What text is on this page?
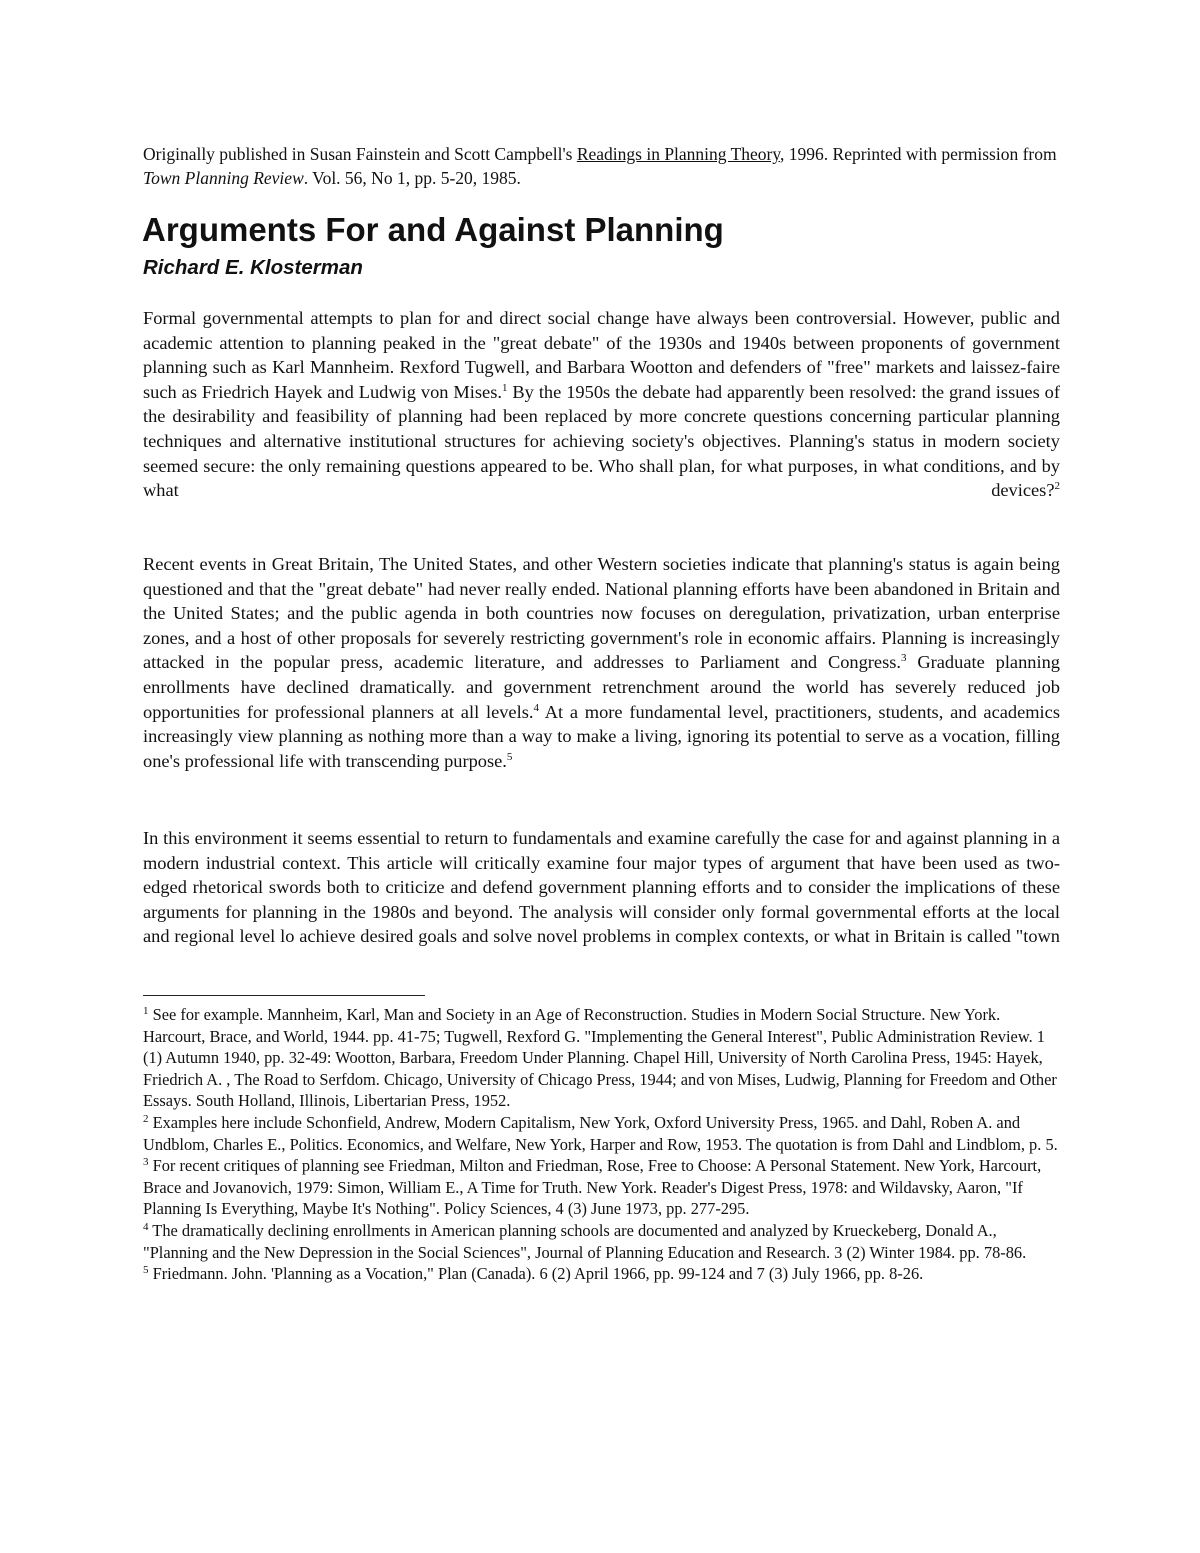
Originally published in Susan Fainstein and Scott Campbell's Readings in Planning Theory, 1996. Reprinted with permission from Town Planning Review. Vol. 56, No 1, pp. 5-20, 1985.
Arguments For and Against Planning
Richard E. Klosterman

Formal governmental attempts to plan for and direct social change have always been controversial. However, public and academic attention to planning peaked in the "great debate" of the 1930s and 1940s between proponents of government planning such as Karl Mannheim. Rexford Tugwell, and Barbara Wootton and defenders of "free" markets and laissez-faire such as Friedrich Hayek and Ludwig von Mises.$^1$ By the 1950s the debate had apparently been resolved: the grand issues of the desirability and feasibility of planning had been replaced by more concrete questions concerning particular planning techniques and alternative institutional structures for achieving society's objectives. Planning's status in modern society seemed secure: the only remaining questions appeared to be. Who shall plan, for what purposes, in what conditions, and by what devices?$^2$

Recent events in Great Britain, The United States, and other Western societies indicate that planning's status is again being questioned and that the "great debate" had never really ended. National planning efforts have been abandoned in Britain and the United States; and the public agenda in both countries now focuses on deregulation, privatization, urban enterprise zones, and a host of other proposals for severely restricting government's role in economic affairs. Planning is increasingly attacked in the popular press, academic literature, and addresses to Parliament and Congress.$^3$ Graduate planning enrollments have declined dramatically. and government retrenchment around the world has severely reduced job opportunities for professional planners at all levels.$^4$ At a more fundamental level, practitioners, students, and academics increasingly view planning as nothing more than a way to make a living, ignoring its potential to serve as a vocation, filling one's professional life with transcending purpose.$^5$

In this environment it seems essential to return to fundamentals and examine carefully the case for and against planning in a modern industrial context. This article will critically examine four major types of argument that have been used as two-edged rhetorical swords both to criticize and defend government planning efforts and to consider the implications of these arguments for planning in the 1980s and beyond. The analysis will consider only formal governmental efforts at the local and regional level lo achieve desired goals and solve novel problems in complex contexts, or what in Britain is called "town

$^1$ See for example. Mannheim, Karl, Man and Society in an Age of Reconstruction. Studies in Modern Social Structure. New York. Harcourt, Brace, and World, 1944. pp. 41-75; Tugwell, Rexford G. "Implementing the General Interest", Public Administration Review. 1 (1) Autumn 1940, pp. 32-49: Wootton, Barbara, Freedom Under Planning. Chapel Hill, University of North Carolina Press, 1945: Hayek, Friedrich A. , The Road to Serfdom. Chicago, University of Chicago Press, 1944; and von Mises, Ludwig, Planning for Freedom and Other Essays. South Holland, Illinois, Libertarian Press, 1952.

$^2$ Examples here include Schonfield, Andrew, Modern Capitalism, New York, Oxford University Press, 1965. and Dahl, Roben A. and Undblom, Charles E., Politics. Economics, and Welfare, New York, Harper and Row, 1953. The quotation is from Dahl and Lindblom, p. 5.

$^3$ For recent critiques of planning see Friedman, Milton and Friedman, Rose, Free to Choose: A Personal Statement. New York, Harcourt, Brace and Jovanovich, 1979: Simon, William E., A Time for Truth. New York. Reader's Digest Press, 1978: and Wildavsky, Aaron, "If Planning Is Everything, Maybe It's Nothing". Policy Sciences, 4 (3) June 1973, pp. 277-295.

$^4$ The dramatically declining enrollments in American planning schools are documented and analyzed by Krueckeberg, Donald A., "Planning and the New Depression in the Social Sciences", Journal of Planning Education and Research. 3 (2) Winter 1984. pp. 78-86.

$^5$ Friedmann. John. 'Planning as a Vocation," Plan (Canada). 6 (2) April 1966, pp. 99-124 and 7 (3) July 1966, pp. 8-26.
